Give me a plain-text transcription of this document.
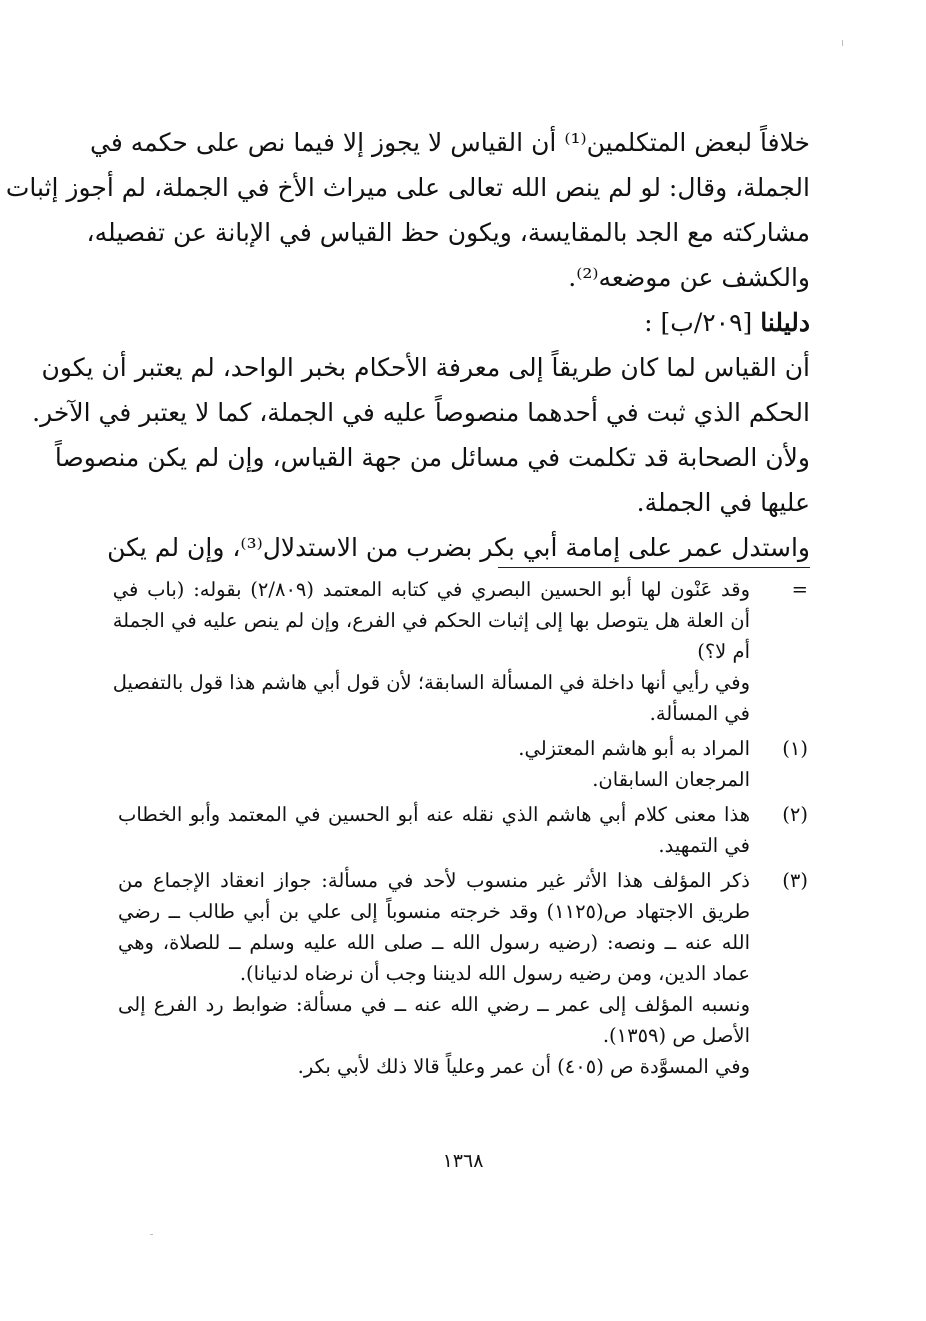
خلافاً لبعض المتكلمين⁽¹⁾ أن القياس لا يجوز إلا فيما نص على حكمه في
الجملة، وقال: لو لم ينص الله تعالى على ميراث الأخ في الجملة، لم أجوز إثبات
مشاركته مع الجد بالمقايسة، ويكون حظ القياس في الإبانة عن تفصيله،
والكشف عن موضعه⁽²⁾.
دليلنا [٢٠٩/ب] :
أن القياس لما كان طريقاً إلى معرفة الأحكام بخبر الواحد، لم يعتبر أن يكون
الحكم الذي ثبت في أحدهما منصوصاً عليه في الجملة، كما لا يعتبر في الآخر.
ولأن الصحابة قد تكلمت في مسائل من جهة القياس، وإن لم يكن منصوصاً
عليها في الجملة.
واستدل عمر على إمامة أبي بكر بضرب من الاستدلال⁽³⁾، وإن لم يكن
=
وقد عَنْون لها أبو الحسين البصري في كتابه المعتمد (٢/٨٠٩) بقوله: (باب في
أن العلة هل يتوصل بها إلى إثبات الحكم في الفرع، وإن لم ينص عليه في الجملة
أم لا؟)
وفي رأيي أنها داخلة في المسألة السابقة؛ لأن قول أبي هاشم هذا قول بالتفصيل
في المسألة.
(١)
المراد به أبو هاشم المعتزلي.
المرجعان السابقان.
(٢)
هذا معنى كلام أبي هاشم الذي نقله عنه أبو الحسين في المعتمد وأبو الخطاب
في التمهيد.
(٣)
ذكر المؤلف هذا الأثر غير منسوب لأحد في مسألة: جواز انعقاد الإجماع من
طريق الاجتهاد ص(١١٢٥) وقد خرجته منسوباً إلى علي بن أبي طالب ــ رضي
الله عنه ــ ونصه: (رضيه رسول الله ــ صلى الله عليه وسلم ــ للصلاة، وهي
عماد الدين، ومن رضيه رسول الله لديننا وجب أن نرضاه لدنيانا).
ونسبه المؤلف إلى عمر ــ رضي الله عنه ــ في مسألة: ضوابط رد الفرع إلى
الأصل ص (١٣٥٩).
وفي المسوَّدة ص (٤٠٥) أن عمر وعلياً قالا ذلك لأبي بكر.
١٣٦٨
